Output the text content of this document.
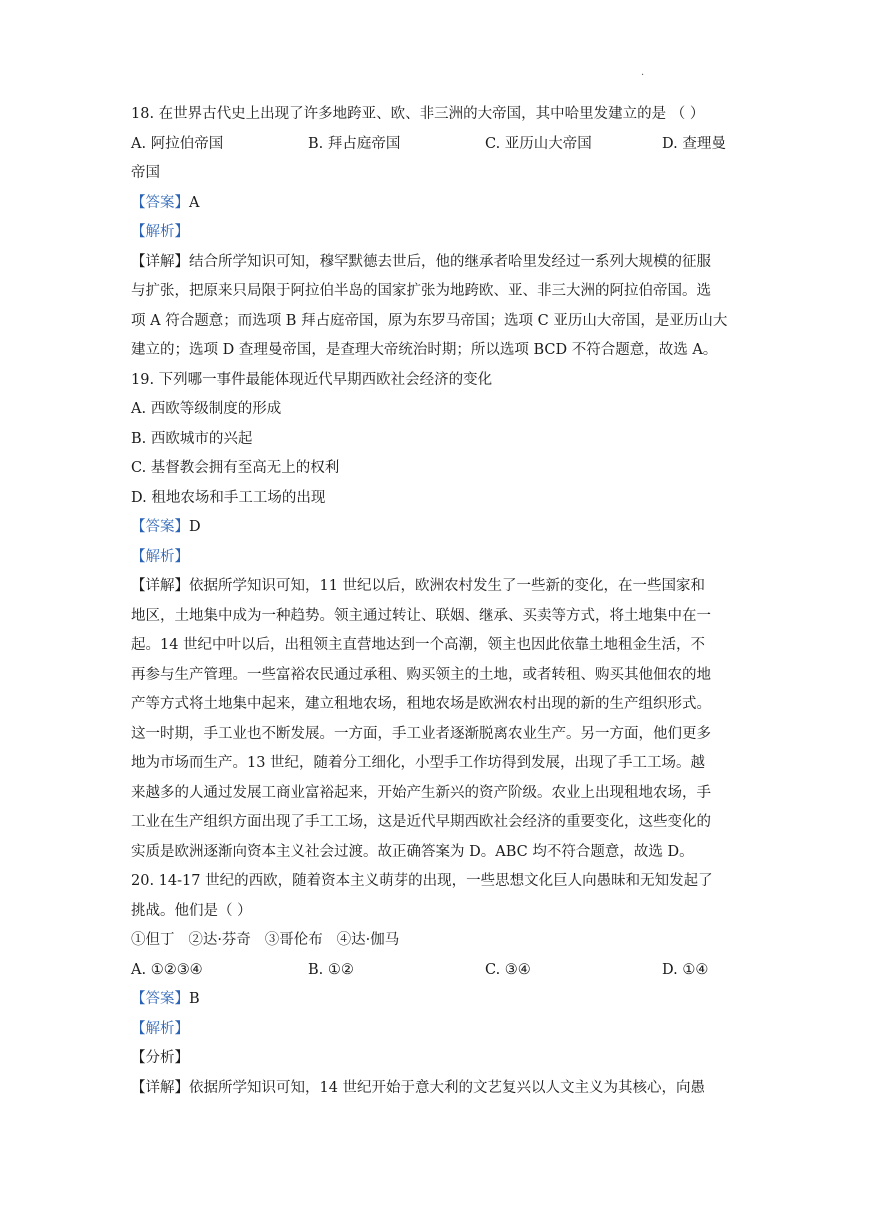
·
18. 在世界古代史上出现了许多地跨亚、欧、非三洲的大帝国，其中哈里发建立的是 （ ）
A. 阿拉伯帝国	B. 拜占庭帝国	C. 亚历山大帝国	D. 查理曼
帝国
【答案】A
【解析】
【详解】结合所学知识可知，穆罕默德去世后，他的继承者哈里发经过一系列大规模的征服
与扩张，把原来只局限于阿拉伯半岛的国家扩张为地跨欧、亚、非三大洲的阿拉伯帝国。选
项 A 符合题意；而选项 B 拜占庭帝国，原为东罗马帝国；选项 C 亚历山大帝国，是亚历山大
建立的；选项 D 查理曼帝国，是查理大帝统治时期；所以选项 BCD 不符合题意，故选 A。
19. 下列哪一事件最能体现近代早期西欧社会经济的变化
A. 西欧等级制度的形成
B. 西欧城市的兴起
C. 基督教会拥有至高无上的权利
D. 租地农场和手工工场的出现
【答案】D
【解析】
【详解】依据所学知识可知，11 世纪以后，欧洲农村发生了一些新的变化，在一些国家和
地区，土地集中成为一种趋势。领主通过转让、联姻、继承、买卖等方式，将土地集中在一
起。14 世纪中叶以后，出租领主直营地达到一个高潮，领主也因此依靠土地租金生活，不
再参与生产管理。一些富裕农民通过承租、购买领主的土地，或者转租、购买其他佃农的地
产等方式将土地集中起来，建立租地农场，租地农场是欧洲农村出现的新的生产组织形式。
这一时期，手工业也不断发展。一方面，手工业者逐渐脱离农业生产。另一方面，他们更多
地为市场而生产。13 世纪，随着分工细化，小型手工作坊得到发展，出现了手工工场。越
来越多的人通过发展工商业富裕起来，开始产生新兴的资产阶级。农业上出现租地农场，手
工业在生产组织方面出现了手工工场，这是近代早期西欧社会经济的重要变化，这些变化的
实质是欧洲逐渐向资本主义社会过渡。故正确答案为 D。ABC 均不符合题意，故选 D。
20. 14-17 世纪的西欧，随着资本主义萌芽的出现，一些思想文化巨人向愚昧和无知发起了
挑战。他们是（ ）
①但丁   ②达·芬奇   ③哥伦布   ④达·伽马
A. ①②③④	B. ①②	C. ③④	D. ①④
【答案】B
【解析】
【分析】
【详解】依据所学知识可知，14 世纪开始于意大利的文艺复兴以人文主义为其核心，向愚
